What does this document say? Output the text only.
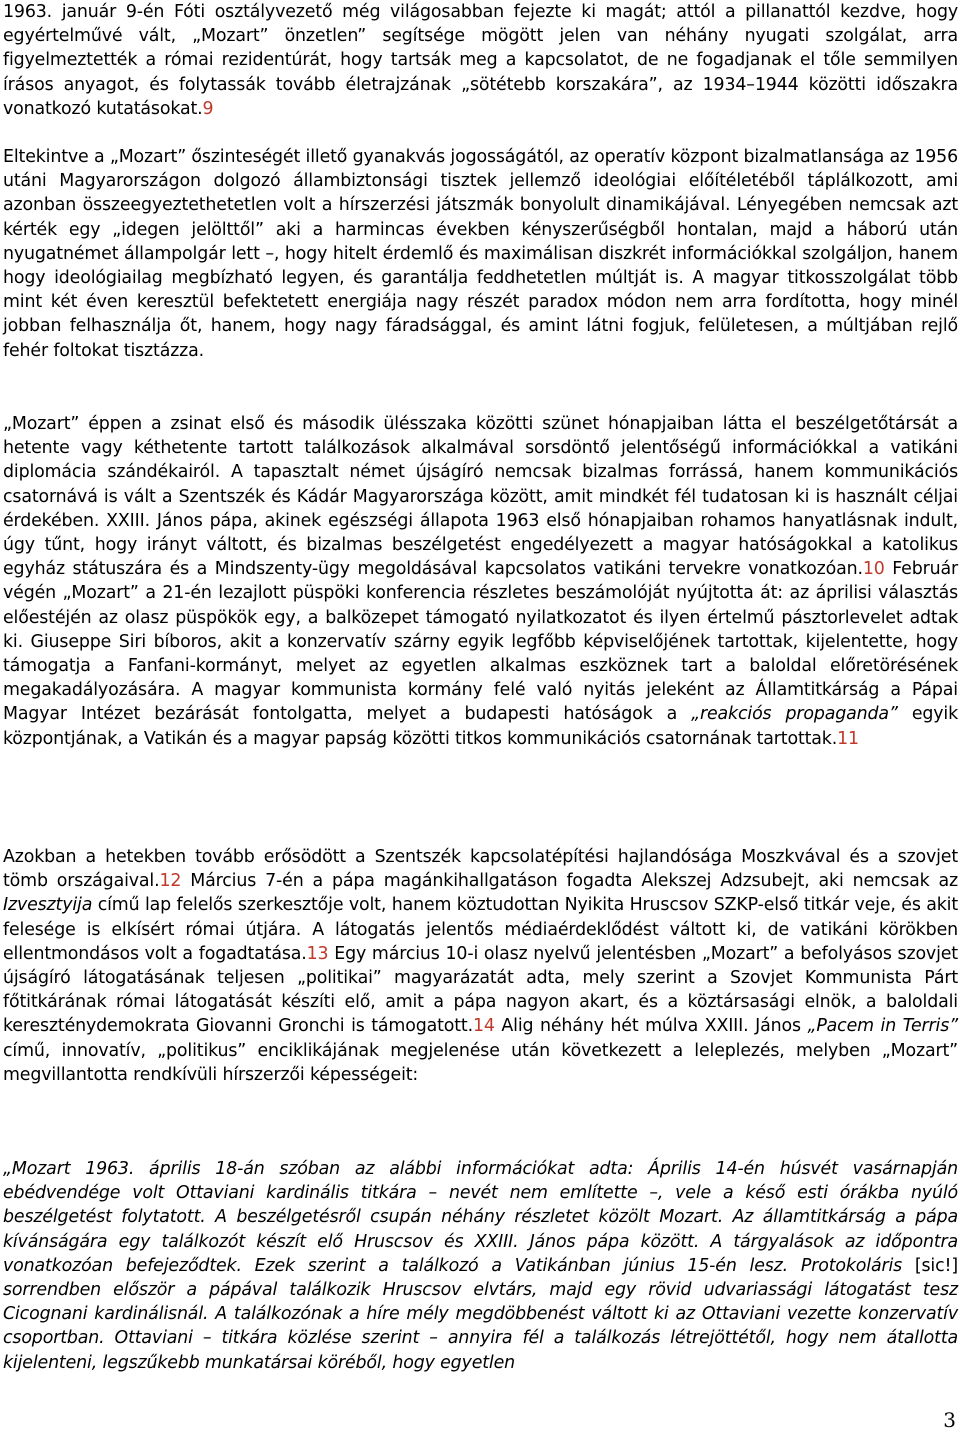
1963. január 9-én Fóti osztályvezető még világosabban fejezte ki magát; attól a pillanattól kezdve, hogy egyértelművé vált, „Mozart” önzetlen” segítsége mögött jelen van néhány nyugati szolgálat, arra figyelmeztették a római rezidentúrát, hogy tartsák meg a kapcsolatot, de ne fogadjanak el tőle semmilyen írásos anyagot, és folytassák tovább életrajzának „sötétebb korszakára”, az 1934–1944 közötti időszakra vonatkozó kutatásokat.9

Eltekintve a „Mozart” őszinteségét illető gyanakvás jogosságától, az operatív központ bizalmatlansága az 1956 utáni Magyarországon dolgozó állambiztonsági tisztek jellemző ideológiai előítéletéből táplálkozott, ami azonban összeegyeztethetetlen volt a hírszerzési játszmák bonyolult dinamikájával. Lényegében nemcsak azt kérték egy „idegen jelölttől” aki a harmincas években kényszerűségből hontalan, majd a háború után nyugatnémet állampolgár lett –, hogy hitelt érdemlő és maximálisan diszkrét információkkal szolgáljon, hanem hogy ideológiailag megbízható legyen, és garantálja feddhetetlen múltját is. A magyar titkosszolgálat több mint két éven keresztül befektetett energiája nagy részét paradox módon nem arra fordította, hogy minél jobban felhasználja őt, hanem, hogy nagy fáradsággal, és amint látni fogjuk, felületesen, a múltjában rejlő fehér foltokat tisztázza.

„Mozart” éppen a zsinat első és második ülésszaka közötti szünet hónapjaiban látta el beszélgetőtársát a hetente vagy kéthetente tartott találkozások alkalmával sorsdöntő jelentőségű információkkal a vatikáni diplomácia szándékairól. A tapasztalt német újságíró nemcsak bizalmas forrássá, hanem kommunikációs csatornává is vált a Szentszék és Kádár Magyarországa között, amit mindkét fél tudatosan ki is használt céljai érdekében. XXIII. János pápa, akinek egészségi állapota 1963 első hónapjaiban rohamos hanyatlásnak indult, úgy tűnt, hogy irányt váltott, és bizalmas beszélgetést engedélyezett a magyar hatóságokkal a katolikus egyház státuszára és a Mindszenty-ügy megoldásával kapcsolatos vatikáni tervekre vonatkozóan.10 Február végén „Mozart” a 21-én lezajlott püspöki konferencia részletes beszámolóját nyújtotta át: az áprilisi választás előestéjén az olasz püspökök egy, a balközepet támogató nyilatkozatot és ilyen értelmű pásztorlevelet adtak ki. Giuseppe Siri bíboros, akit a konzervatív szárny egyik legfőbb képviselőjének tartottak, kijelentette, hogy támogatja a Fanfani-kormányt, melyet az egyetlen alkalmas eszköznek tart a baloldal előretörésének megakadályozására. A magyar kommunista kormány felé való nyitás jeleként az Államtitkárság a Pápai Magyar Intézet bezárását fontolgatta, melyet a budapesti hatóságok a „reakciós propaganda” egyik központjának, a Vatikán és a magyar papság közötti titkos kommunikációs csatornának tartottak.11

Azokban a hetekben tovább erősödött a Szentszék kapcsolatépítési hajlandósága Moszkvával és a szovjet tömb országaival.12 Március 7-én a pápa magánkihallgatáson fogadta Alekszej Adzsubejt, aki nemcsak az Izvesztyija című lap felelős szerkesztője volt, hanem köztudottan Nyikita Hruscsov SZKP-első titkár veje, és akit felesége is elkísért római útjára. A látogatás jelentős médiaérdeklődést váltott ki, de vatikáni körökben ellentmondásos volt a fogadtatása.13 Egy március 10-i olasz nyelvű jelentésben „Mozart” a befolyásos szovjet újságíró látogatásának teljesen „politikai” magyarázatát adta, mely szerint a Szovjet Kommunista Párt főtitkárának római látogatását készíti elő, amit a pápa nagyon akart, és a köztársasági elnök, a baloldali kereszténydemokrata Giovanni Gronchi is támogatott.14 Alig néhány hét múlva XXIII. János „Pacem in Terris” című, innovatív, „politikus” enciklikájának megjelenése után következett a leleplezés, melyben „Mozart” megvillantotta rendkívüli hírszerzői képességeit:

„Mozart 1963. április 18-án szóban az alábbi információkat adta: Április 14-én húsvét vasárnapján ebédvendége volt Ottaviani kardinális titkára – nevét nem említette –, vele a késő esti órákba nyúló beszélgetést folytatott. A beszélgetésről csupán néhány részletet közölt Mozart. Az államtitkárság a pápa kívánságára egy találkozót készít elő Hruscsov és XXIII. János pápa között. A tárgyalások az időpontra vonatkozóan befejeződtek. Ezek szerint a találkozó a Vatikánban június 15-én lesz. Protokoláris [sic!] sorrendben először a pápával találkozik Hruscsov elvtárs, majd egy rövid udvariassági látogatást tesz Cicognani kardinálisnál. A találkozónak a híre mély megdöbbenést váltott ki az Ottaviani vezette konzervatív csoportban. Ottaviani – titkára közlése szerint – annyira fél a találkozás létrejöttétől, hogy nem átallotta kijelenteni, legszűkebb munkatársai köréből, hogy egyetlen

3
